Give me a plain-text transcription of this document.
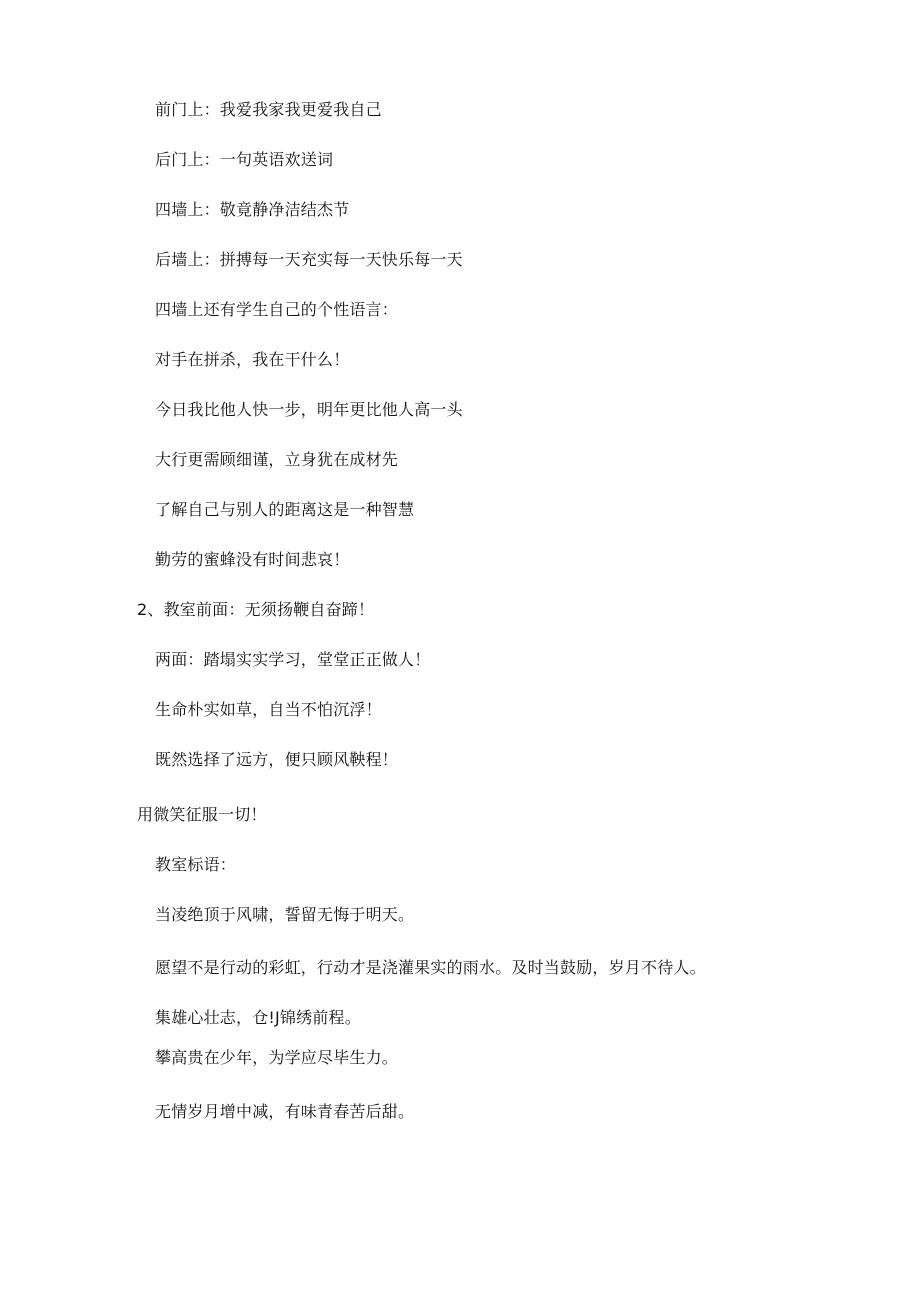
前门上：我爱我家我更爱我自己
后门上：一句英语欢送词
四墙上：敬竟静净洁结杰节
后墙上：拼搏每一天充实每一天快乐每一天
四墙上还有学生自己的个性语言：
对手在拼杀，我在干什么！
今日我比他人快一步，明年更比他人高一头
大行更需顾细谨，立身犹在成材先
了解自己与别人的距离这是一种智慧
勤劳的蜜蜂没有时间悲哀！
2、教室前面：无须扬鞭自奋蹄！
两面：踏塌实实学习，堂堂正正做人！
生命朴实如草，自当不怕沉浮！
既然选择了远方，便只顾风鞅程！
用微笑征服一切！
教室标语：
当凌绝顶于风啸，誓留无悔于明天。
愿望不是行动的彩虹，行动才是浇灌果实的雨水。及时当鼓励，岁月不待人。
集雄心壮志，仓!J锦绣前程。
攀高贵在少年，为学应尽毕生力。
无情岁月增中减，有味青春苦后甜。
